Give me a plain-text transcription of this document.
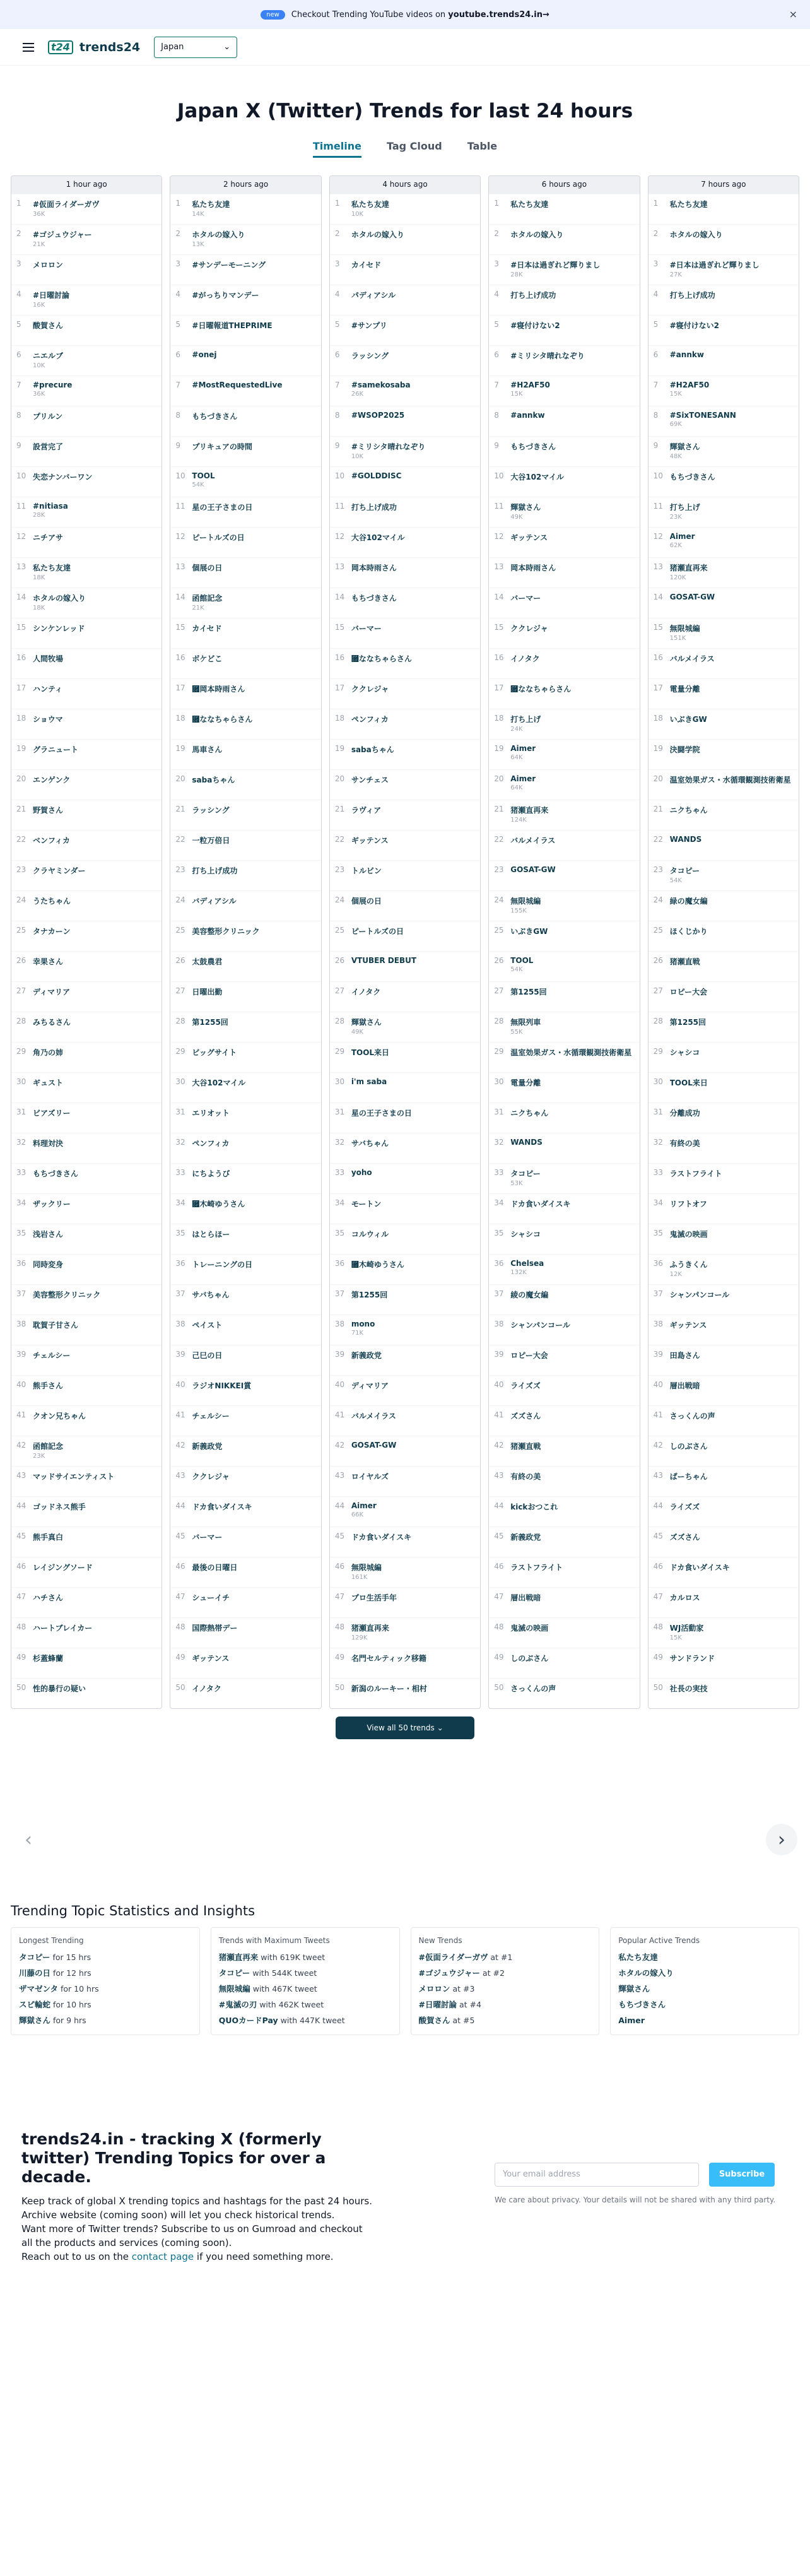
new	Checkout Trending YouTube videos on youtube.trends24.in→	×
t24 trends24	Japan	⌄
Japan X (Twitter) Trends for last 24 hours
Timeline	Tag Cloud	Table
1 hour ago
1	#仮面ライダーガヴ
36K
2	#ゴジュウジャー
21K
3	メロロン
4	#日曜討論
16K
5	酸賀さん
6	ニエルブ
10K
7	#precure
36K
8	プリルン
9	設営完了
10 失恋ナンバーワン
11 #nitiasa
28K
12 ニチアサ
13 私たち友達
18K
14 ホタルの嫁入り
18K
15 シンケンレッド
16 人間牧場
17 ハンティ
18 ショウマ
19 グラニュート
20 エンゲンク
21 野賀さん
22 ベンフィカ
23 クラヤミンダー
24 うたちゃん
25 タナカーン
26 幸果さん
27 ディマリア
28 みちるさん
29 角乃の姉
30 ギュスト
31 ビアズリー
32 料理対決
33 もちづきさん
34 ザックリー
35 浅岩さん
36 同時変身
37 美容整形クリニック
38 耽賀子甘さん
39 チェルシー
40 熊手さん
41 クオン兄ちゃん
42 函館記念
23K
43 マッドサイエンティスト
44 ゴッドネス熊手
45 熊手真白
46 レイジングソード
47 ハチさん
48 ハートブレイカー
49 杉蓋蜂蘭
50 性的暴行の疑い
2 hours ago
1	私たち友達
14K
2	ホタルの嫁入り
13K
3	#サンデーモーニング
4	#がっちりマンデー
5	#日曜報道THEPRIME
6	#onej
7	#MostRequestedLive
8	もちづきさん
9	プリキュアの時間
10 TOOL
54K
11 星の王子さまの日
12 ピートルズの日
13 個展の日
14 函館記念
21K
15 カイセド
16 ボケどこ
17 ⿟岡本時雨さん
18 ⿟ななちゃらさん
19 馬車さん
20 sabaちゃん
21 ラッシング
22 一粒万倍日
23 打ち上げ成功
24 バディアシル
25 美容整形クリニック
26 太鼓農君
27 日曜出勤
28 第1255回
29 ビッグサイト
30 大谷102マイル
31 エリオット
32 ペンフィカ
33 にちようび
34 ⿟木崎ゆうさん
35 はとらほー
36 トレーニングの日
37 サバちゃん
38 ペイスト
39 己巳の日
40 ラジオNIKKEI賞
41 チェルシー
42 新義政党
43 ククレジャ
44 ドカ食いダイスキ
45 バーマー
46 最後の日曜日
47 シューイチ
48 国際熱帯デー
49 ギッテンス
50 イノタク
4 hours ago
1	私たち友達
10K
2	ホタルの嫁入り
3	カイセド
4	パディアシル
5	#サンプリ
6	ラッシング
7	#samekosaba
26K
8	#WSOP2025
9	#ミリシタ晴れなぞり
10K
10 #GOLDDISC
11 打ち上げ成功
12 大谷102マイル
13 岡本時雨さん
14 もちづきさん
15 バーマー
16 ⿟ななちゃらさん
17 ククレジャ
18 ペンフィカ
19 sabaちゃん
20 サンチェス
21 ラヴィア
22 ギッテンス
23 トルビン
24 個展の日
25 ピートルズの日
26 VTUBER DEBUT
27 イノタク
28 輝獄さん
49K
29 TOOL来日
30 i'm saba
31 星の王子さまの日
32 サバちゃん
33 yoho
34 モートン
35 コルウィル
36 ⿟木崎ゆうさん
37 第1255回
38 mono
71K
39 新義政党
40 ディマリア
41 バルメイラス
42 GOSAT-GW
43 ロイヤルズ
44 Aimer
66K
45 ドカ食いダイスキ
46 無限城編
161K
47 プロ生活手年
48 猪瀬直再来
129K
49 名門セルティック移籍
50 新潟のルーキー・相村
6 hours ago
1	私たち友達
2	ホタルの嫁入り
3	#日本は過ぎれど輝りまし
28K
4	打ち上げ成功
5	#寝付けない2
6	#ミリシタ晴れなぞり
7	#H2AF50
15K
8	#annkw
9	もちづきさん
10 大谷102マイル
11 輝獄さん
49K
12 ギッテンス
13 岡本時雨さん
14 バーマー
15 ククレジャ
16 イノタク
17 ⿟ななちゃらさん
18 打ち上げ
24K
19 Aimer
64K
20 Aimer
64K
21 猪瀬直再来
124K
22 バルメイラス
23 GOSAT-GW
24 無限城編
155K
25 いぶきGW
26 TOOL
54K
27 第1255回
28 無限列車
55K
29 温室効果ガス・水循環観測技術衛星
30 電量分離
31 ニクちゃん
32 WANDS
33 タコピー
53K
34 ドカ食いダイスキ
35 シャシコ
36 Chelsea
132K
37 綾の魔女編
38 シャンパンコール
39 ロピー大会
40 ライズズ
41 ズズさん
42 猪瀬直戦
43 有終の美
44 kickおつこれ
45 新義政党
46 ラストフライト
47 層出戦暗
48 鬼滅の映画
49 しのぶさん
50 さっくんの声
7 hours ago
1	私たち友達
2	ホタルの嫁入り
3	#日本は過ぎれど輝りまし
27K
4	打ち上げ成功
5	#寝付けない2
6	#annkw
7	#H2AF50
15K
8	#SixTONESANN
69K
9	輝獄さん
48K
10 もちづきさん
11 打ち上げ
23K
12 Aimer
62K
13 猪瀬直再来
120K
14 GOSAT-GW
15 無限城編
151K
16 バルメイラス
17 電量分離
18 いぶきGW
19 決闘学院
20 温室効果ガス・水循環観測技術衛星
21 ニクちゃん
22 WANDS
23 タコピー
54K
24 緑の魔女編
25 ほくじかり
26 猪瀬直戦
27 ロピー大会
28 第1255回
29 シャシコ
30 TOOL来日
31 分離成功
32 有終の美
33 ラストフライト
34 リフトオフ
35 鬼滅の映画
36 ふうきくん
12K
37 シャンパンコール
38 ギッテンス
39 田島さん
40 層出戦暗
41 さっくんの声
42 しのぶさん
43 ぱーちゃん
44 ライズズ
45 ズズさん
46 ドカ食いダイスキ
47 カルロス
48 WJ活動家
15K
49 サンドランド
50 社長の実技
View all 50 trends ⌄
‹	›
Trending Topic Statistics and Insights
Longest Trending
タコピー for 15 hrs
川藤の日 for 12 hrs
ザマゼンタ for 10 hrs
スピ輪蛇 for 10 hrs
輝獄さん for 9 hrs
Trends with Maximum Tweets
猪瀬直再来 with 619K tweet
タコピー with 544K tweet
無限城編 with 467K tweet
#鬼滅の刃 with 462K tweet
QUOカードPay with 447K tweet
New Trends
#仮面ライダーガヴ at #1
#ゴジュウジャー at #2
メロロン at #3
#日曜討論 at #4
酸賀さん at #5
Popular Active Trends
私たち友達
ホタルの嫁入り
輝獄さん
もちづきさん
Aimer
trends24.in - tracking X (formerly twitter) Trending Topics for over a decade.

Keep track of global X trending topics and hashtags for the past 24 hours.
Archive website (coming soon) will let you check historical trends.
Want more of Twitter trends? Subscribe to us on Gumroad and checkout all the products and services (coming soon).
Reach out to us on the contact page if you need something more.

Your email address	Subscribe
We care about privacy. Your details will not be shared with any third party.
